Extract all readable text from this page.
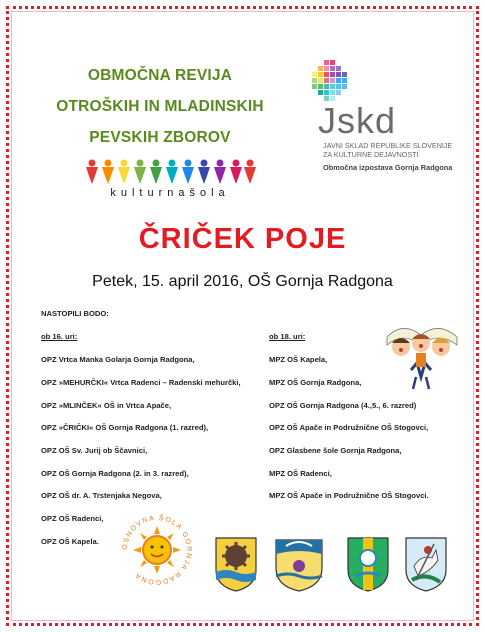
OBMOČNA REVIJA
OTROŠKIH IN MLADINSKIH
PEVSKIH ZBOROV
kulturnašola
Jskd
JAVNI SKLAD REPUBLIKE SLOVENIJE
ZA KULTURNE DEJAVNOSTI
Območna izpostava Gornja Radgona
ČRIČEK POJE
Petek, 15. april 2016, OŠ Gornja Radgona
NASTOPILI BODO:
ob 16. uri:	ob 18. uri:
OPZ Vrtca Manka Golarja Gornja Radgona,
OPZ »MEHURČKI« Vrtca Radenci – Radenski mehurčki,
OPZ »MLINČEK« OŠ in Vrtca Apače,
OPZ »ČRIČKI« OŠ Gornja Radgona (1. razred),
OPZ OŠ Sv. Jurij ob Ščavnici,
OPZ OŠ Gornja Radgona (2. in 3. razred),
OPZ OŠ dr. A. Trstenjaka Negova,
OPZ OŠ Radenci,
OPZ OŠ Kapela.
MPZ OŠ Kapela,
MPZ OŠ Gornja Radgona,
OPZ OŠ Gornja Radgona (4.,5., 6. razred)
OPZ OŠ Apače in Podružnične OŠ Stogovci,
OPZ Glasbene šole Gornja Radgona,
MPZ OŠ Radenci,
MPZ OŠ Apače in Podružnične OŠ Stogovci.
OSNOVNA ŠOLA GORNJA RADGONA
